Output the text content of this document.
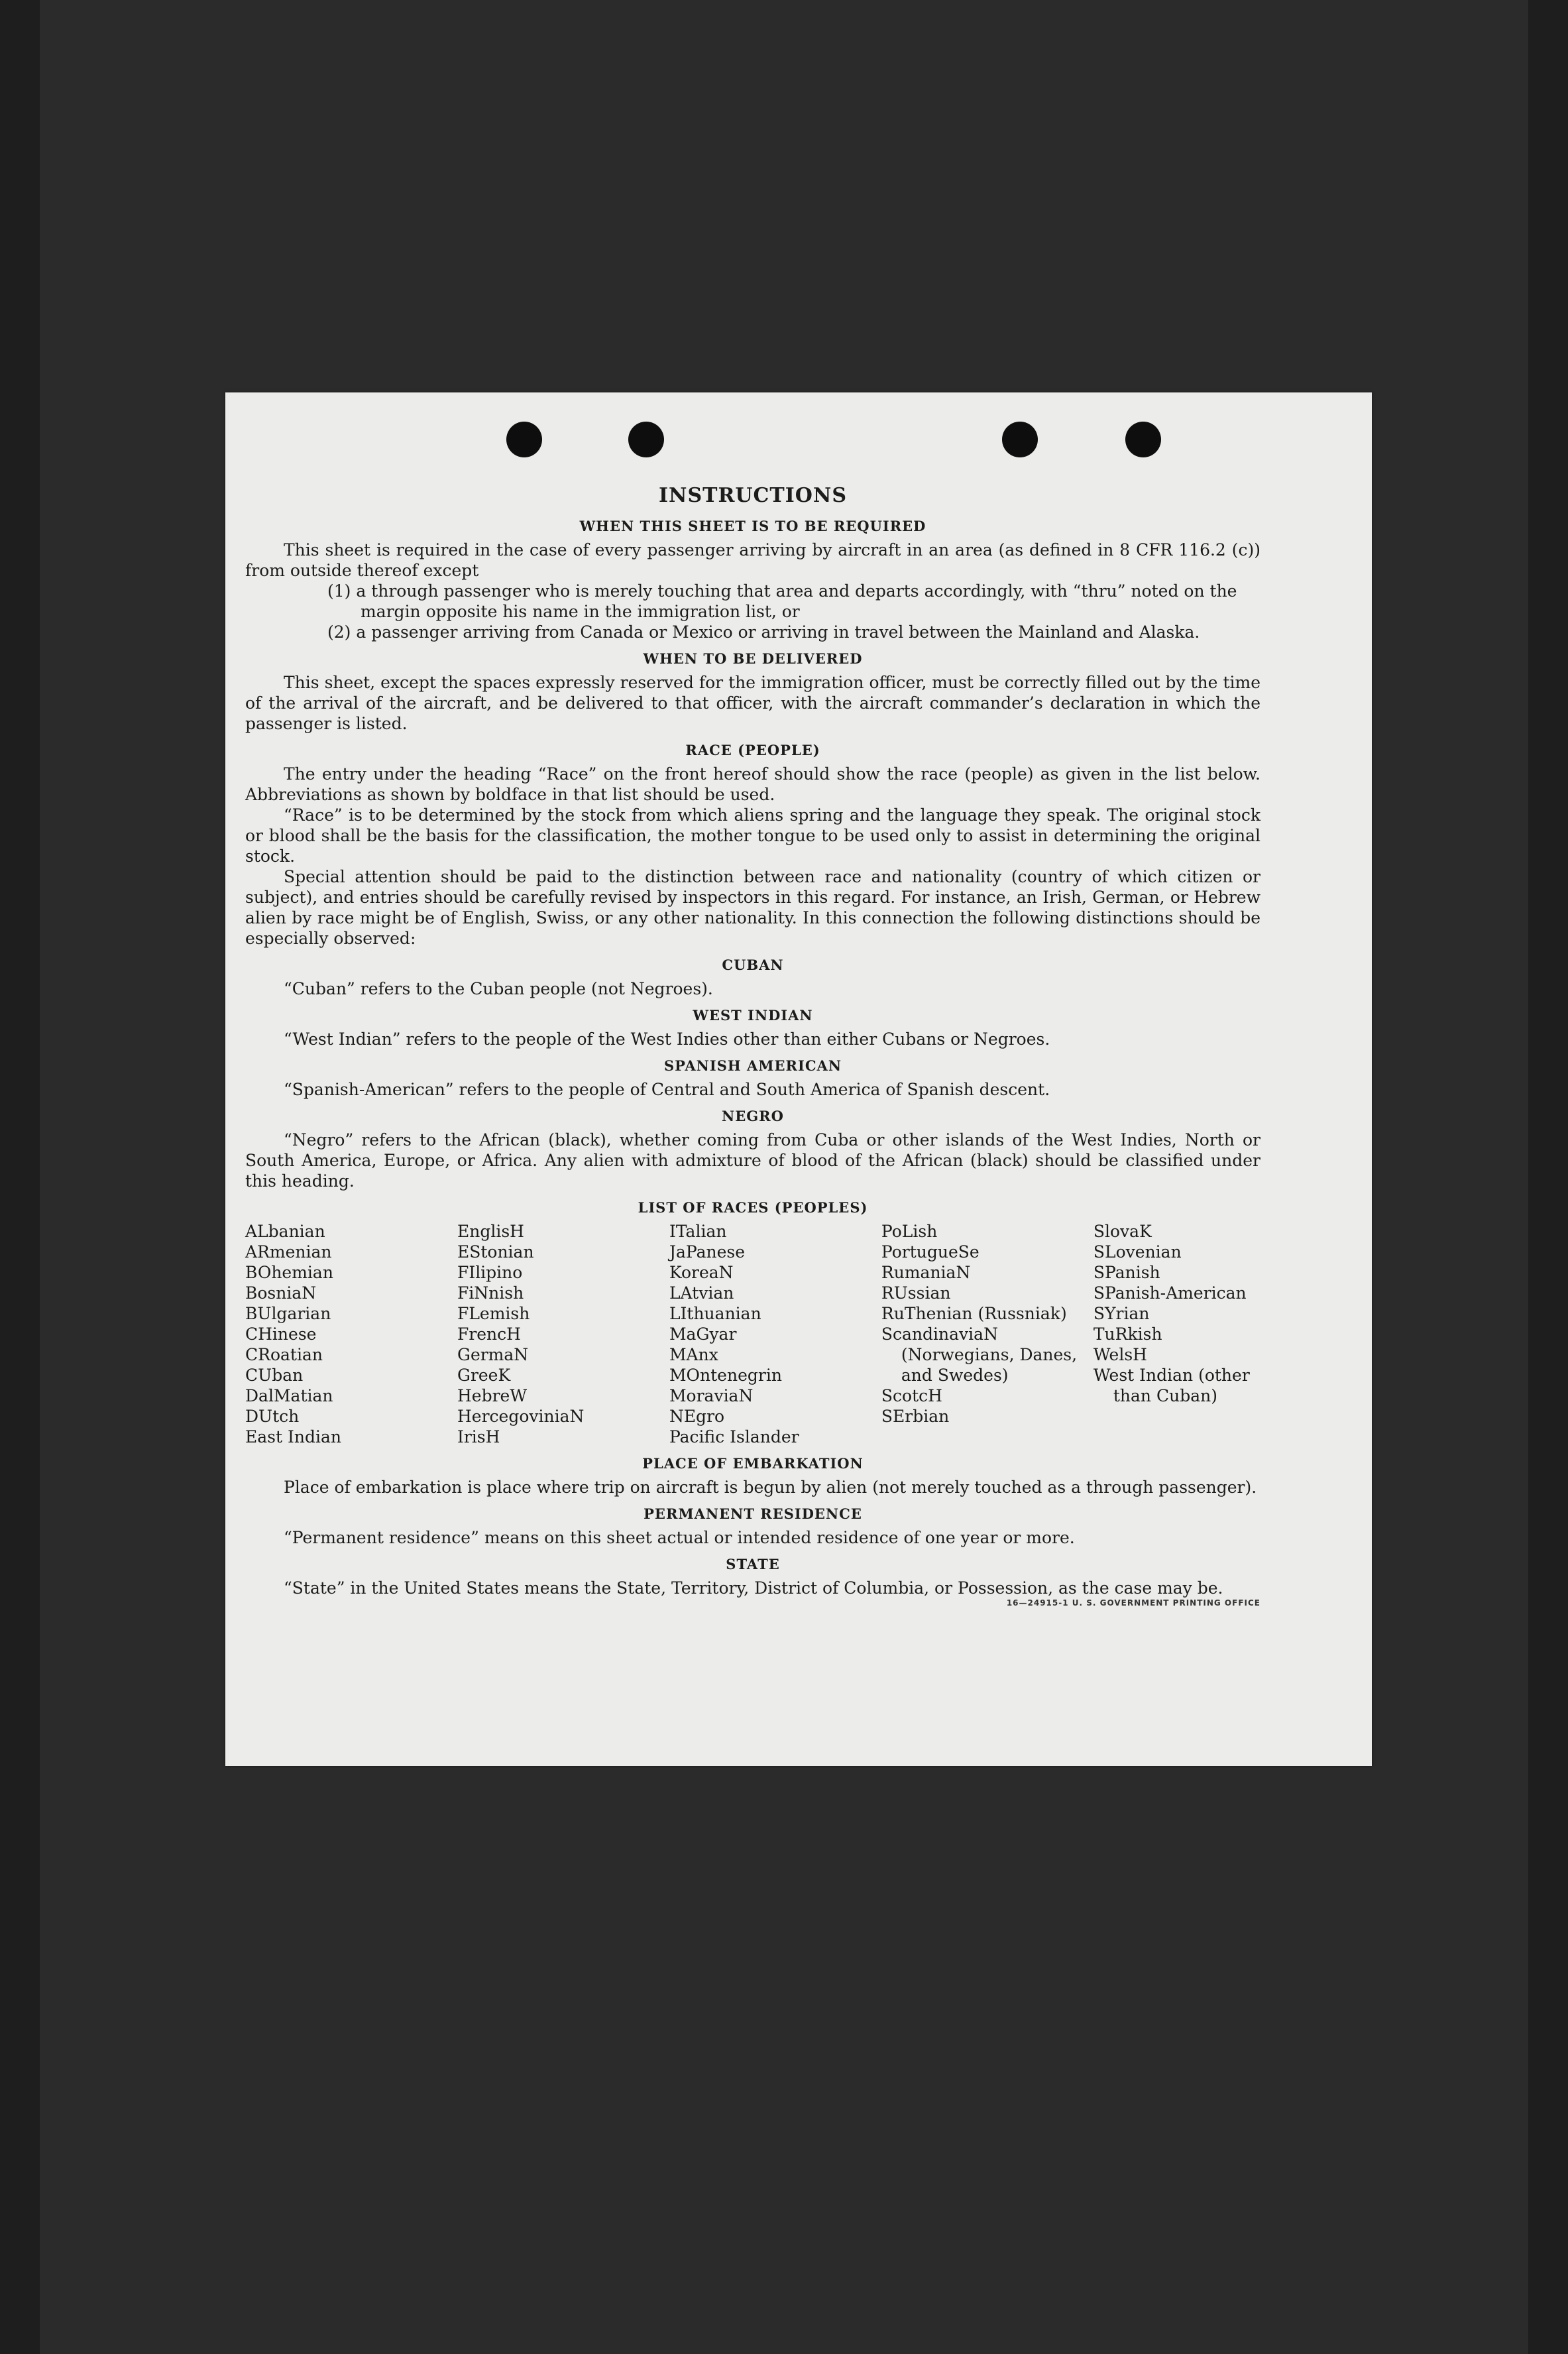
INSTRUCTIONS
WHEN THIS SHEET IS TO BE REQUIRED

This sheet is required in the case of every passenger arriving by aircraft in an area (as defined in 8 CFR 116.2 (c)) from outside thereof except

(1) a through passenger who is merely touching that area and departs accordingly, with “thru” noted on the margin opposite his name in the immigration list, or

(2) a passenger arriving from Canada or Mexico or arriving in travel between the Mainland and Alaska.

WHEN TO BE DELIVERED

This sheet, except the spaces expressly reserved for the immigration officer, must be correctly filled out by the time of the arrival of the aircraft, and be delivered to that officer, with the aircraft commander’s declaration in which the passenger is listed.

RACE (PEOPLE)

The entry under the heading “Race” on the front hereof should show the race (people) as given in the list below. Abbreviations as shown by boldface in that list should be used.

“Race” is to be determined by the stock from which aliens spring and the language they speak. The original stock or blood shall be the basis for the classification, the mother tongue to be used only to assist in determining the original stock.

Special attention should be paid to the distinction between race and nationality (country of which citizen or subject), and entries should be carefully revised by inspectors in this regard. For instance, an Irish, German, or Hebrew alien by race might be of English, Swiss, or any other nationality. In this connection the following distinctions should be especially observed:

CUBAN

“Cuban” refers to the Cuban people (not Negroes).

WEST INDIAN

“West Indian” refers to the people of the West Indies other than either Cubans or Negroes.

SPANISH AMERICAN

“Spanish-American” refers to the people of Central and South America of Spanish descent.

NEGRO

“Negro” refers to the African (black), whether coming from Cuba or other islands of the West Indies, North or South America, Europe, or Africa. Any alien with admixture of blood of the African (black) should be classified under this heading.

LIST OF RACES (PEOPLES)

ALbanian

ARmenian

BOhemian

BosniaN

BUlgarian

CHinese

CRoatian

CUban

DalMatian

DUtch

East Indian

EnglisH

EStonian

FIlipino

FiNnish

FLemish

FrencH

GermaN

GreeK

HebreW

HercegoviniaN

IrisH

ITalian

JaPanese

KoreaN

LAtvian

LIthuanian

MaGyar

MAnx

MOntenegrin

MoraviaN

NEgro

Pacific Islander

PoLish

PortugueSe

RumaniaN

RUssian

RuThenian (Russniak)

ScandinaviaN (Norwegians, Danes, and Swedes)

ScotcH

SErbian

SlovaK

SLovenian

SPanish

SPanish-American

SYrian

TuRkish

WelsH

West Indian (other than Cuban)

PLACE OF EMBARKATION

Place of embarkation is place where trip on aircraft is begun by alien (not merely touched as a through passenger).

PERMANENT RESIDENCE

“Permanent residence” means on this sheet actual or intended residence of one year or more.

STATE

“State” in the United States means the State, Territory, District of Columbia, or Possession, as the case may be.

16—24915-1 U. S. GOVERNMENT PRINTING OFFICE
